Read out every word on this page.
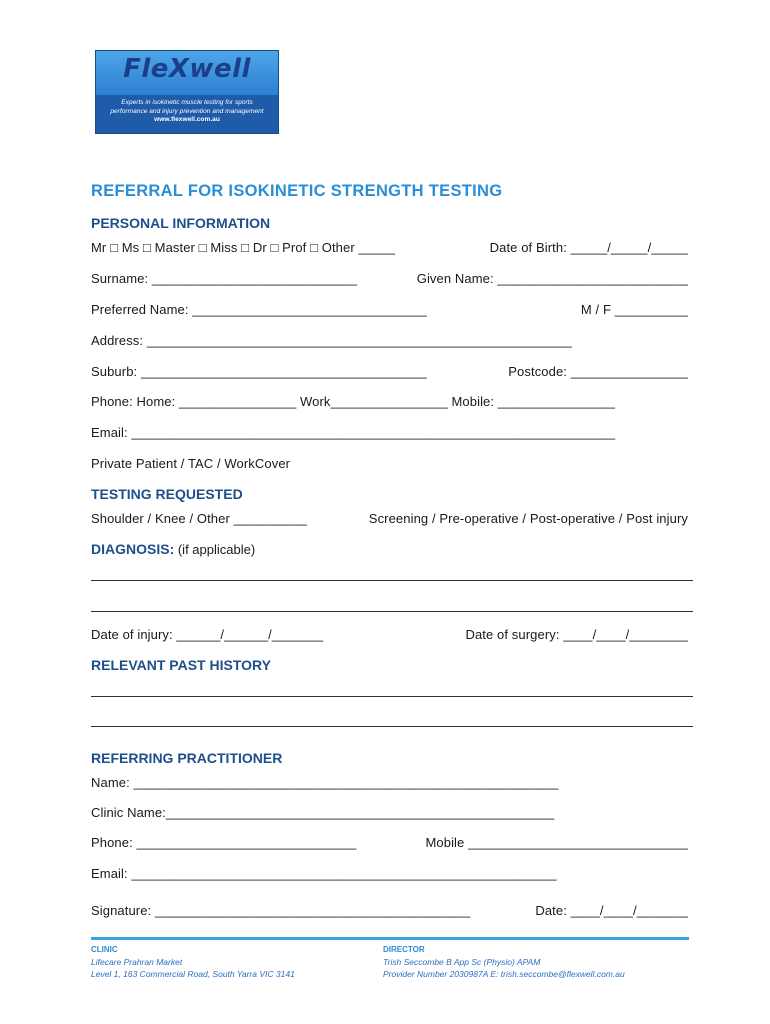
FleXwell
Experts in isokinetic muscle testing for sports
performance and injury prevention and management
www.flexwell.com.au
REFERRAL FOR ISOKINETIC STRENGTH TESTING
PERSONAL INFORMATION
Mr □ Ms □ Master □ Miss □ Dr □ Prof □ Other _____	Date of Birth: _____/_____/_____
Surname: ____________________________	Given Name: __________________________
Preferred Name: ________________________________	M / F __________
Address: __________________________________________________________
Suburb: _______________________________________	Postcode: ________________
Phone: Home: ________________ Work________________ Mobile: ________________
Email: __________________________________________________________________
Private Patient / TAC / WorkCover
TESTING REQUESTED
Shoulder / Knee / Other __________	Screening / Pre-operative / Post-operative / Post injury
DIAGNOSIS: (if applicable)
Date of injury: ______/______/_______	Date of surgery: ____/____/________
RELEVANT PAST HISTORY
REFERRING PRACTITIONER
Name: __________________________________________________________
Clinic Name:_____________________________________________________
Phone: ______________________________	Mobile ______________________________
Email: __________________________________________________________
Signature: ___________________________________________	Date: ____/____/_______
CLINIC
Lifecare Prahran Market
Level 1, 163 Commercial Road, South Yarra VIC 3141
DIRECTOR
Trish Seccombe B App Sc (Physio) APAM
Provider Number 2030987A E: trish.seccombe@flexwell.com.au
